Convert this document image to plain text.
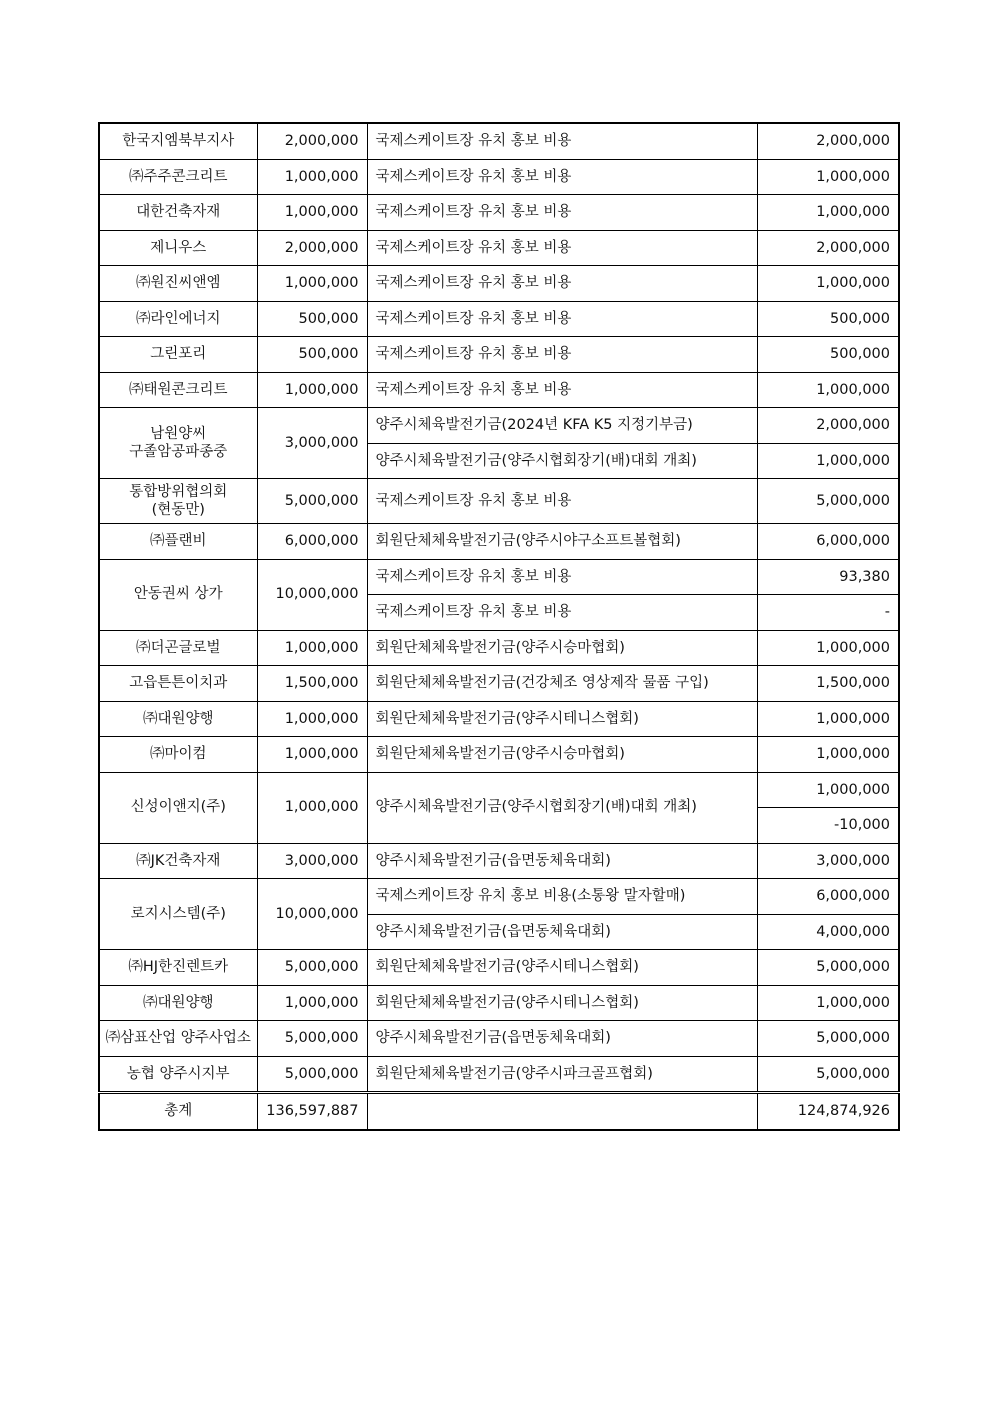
한국지엠북부지사	2,000,000	국제스케이트장 유치 홍보 비용	2,000,000
㈜주주콘크리트	1,000,000	국제스케이트장 유치 홍보 비용	1,000,000
대한건축자재	1,000,000	국제스케이트장 유치 홍보 비용	1,000,000
제니우스	2,000,000	국제스케이트장 유치 홍보 비용	2,000,000
㈜원진씨앤엠	1,000,000	국제스케이트장 유치 홍보 비용	1,000,000
㈜라인에너지	500,000	국제스케이트장 유치 홍보 비용	500,000
그린포리	500,000	국제스케이트장 유치 홍보 비용	500,000
㈜태원콘크리트	1,000,000	국제스케이트장 유치 홍보 비용	1,000,000

남원양씨
구졸암공파종중	3,000,000	양주시체육발전기금(2024년 KFA K5 지정기부금)	2,000,000
		양주시체육발전기금(양주시협회장기(배)대회 개최)	1,000,000

통합방위협의회
(현동만)	5,000,000	국제스케이트장 유치 홍보 비용	5,000,000
㈜플랜비	6,000,000	회원단체체육발전기금(양주시야구소프트볼협회)	6,000,000
안동권씨 상가	10,000,000	국제스케이트장 유치 홍보 비용	93,380
		국제스케이트장 유치 홍보 비용	-
㈜더곤글로벌	1,000,000	회원단체체육발전기금(양주시승마협회)	1,000,000
고읍튼튼이치과	1,500,000	회원단체체육발전기금(건강체조 영상제작 물품 구입)	1,500,000
㈜대원양행	1,000,000	회원단체체육발전기금(양주시테니스협회)	1,000,000
㈜마이컴	1,000,000	회원단체체육발전기금(양주시승마협회)	1,000,000
신성이앤지(주)	1,000,000	양주시체육발전기금(양주시협회장기(배)대회 개최)	1,000,000
			-10,000
㈜JK건축자재	3,000,000	양주시체육발전기금(읍면동체육대회)	3,000,000
로지시스템(주)	10,000,000	국제스케이트장 유치 홍보 비용(소통왕 말자할매)	6,000,000
		양주시체육발전기금(읍면동체육대회)	4,000,000
㈜HJ한진렌트카	5,000,000	회원단체체육발전기금(양주시테니스협회)	5,000,000
㈜대원양행	1,000,000	회원단체체육발전기금(양주시테니스협회)	1,000,000
㈜삼표산업 양주사업소	5,000,000	양주시체육발전기금(읍면동체육대회)	5,000,000
농협 양주시지부	5,000,000	회원단체체육발전기금(양주시파크골프협회)	5,000,000
총계	136,597,887		124,874,926
